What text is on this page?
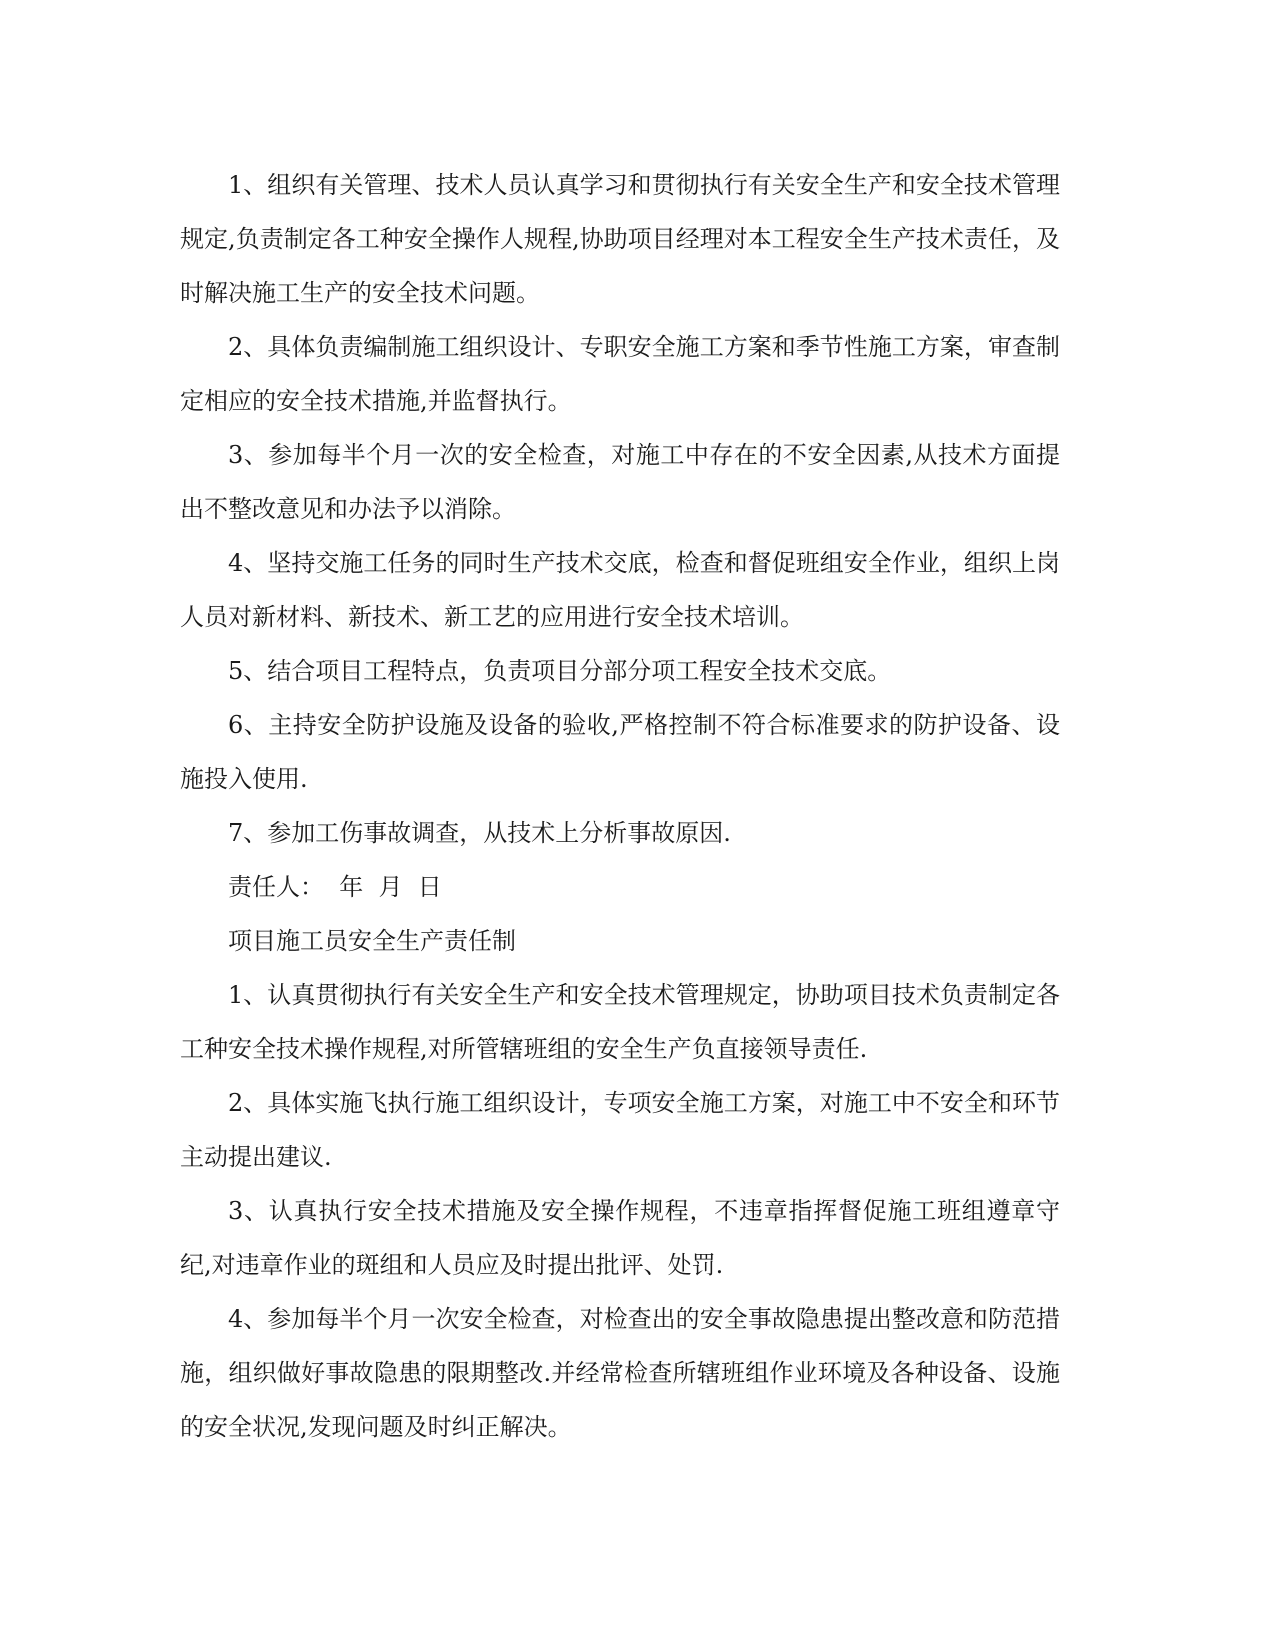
1、组织有关管理、技术人员认真学习和贯彻执行有关安全生产和安全技术管理规定,负责制定各工种安全操作人规程,协助项目经理对本工程安全生产技术责任，及时解决施工生产的安全技术问题。

2、具体负责编制施工组织设计、专职安全施工方案和季节性施工方案，审查制定相应的安全技术措施,并监督执行。

3、参加每半个月一次的安全检查，对施工中存在的不安全因素,从技术方面提出不整改意见和办法予以消除。

4、坚持交施工任务的同时生产技术交底，检查和督促班组安全作业，组织上岗人员对新材料、新技术、新工艺的应用进行安全技术培训。

5、结合项目工程特点，负责项目分部分项工程安全技术交底。

6、主持安全防护设施及设备的验收,严格控制不符合标准要求的防护设备、设施投入使用.

7、参加工伤事故调查，从技术上分析事故原因.

责任人：  年  月  日

项目施工员安全生产责任制

1、认真贯彻执行有关安全生产和安全技术管理规定，协助项目技术负责制定各工种安全技术操作规程,对所管辖班组的安全生产负直接领导责任.

2、具体实施飞执行施工组织设计，专项安全施工方案，对施工中不安全和环节主动提出建议.

3、认真执行安全技术措施及安全操作规程，不违章指挥督促施工班组遵章守纪,对违章作业的斑组和人员应及时提出批评、处罚.

4、参加每半个月一次安全检查，对检查出的安全事故隐患提出整改意和防范措施，组织做好事故隐患的限期整改.并经常检查所辖班组作业环境及各种设备、设施的安全状况,发现问题及时纠正解决。
